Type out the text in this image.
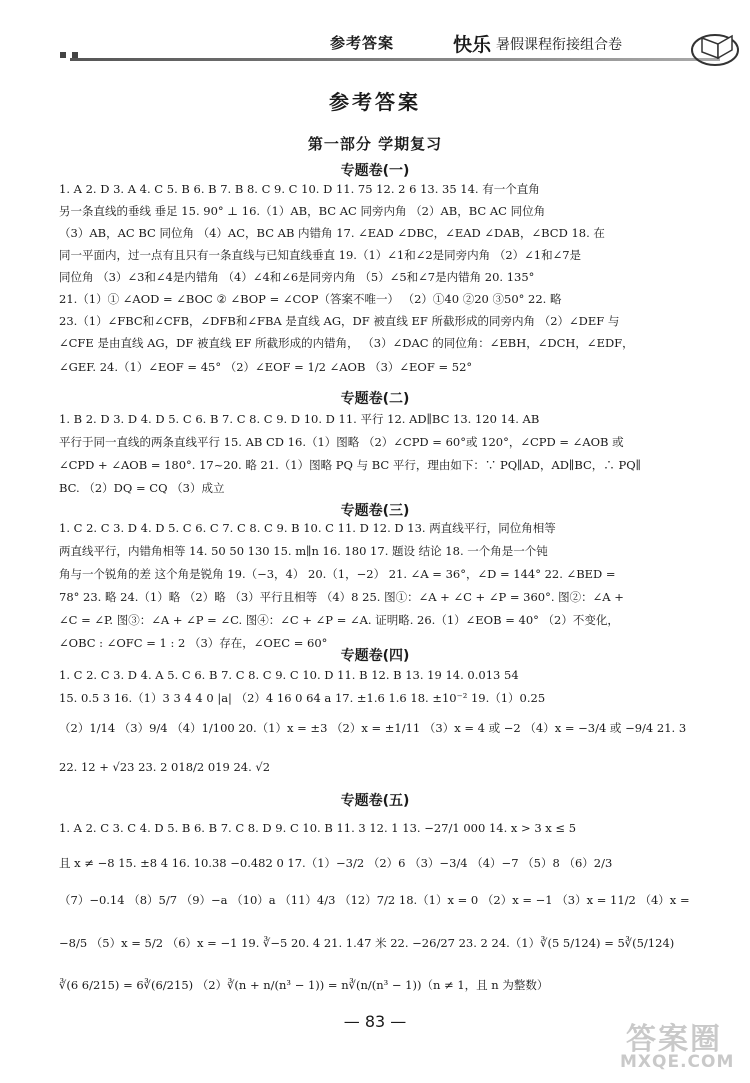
参考答案	快乐 暑假课程衔接组合卷
参考答案
第一部分 学期复习
专题卷(一)
1. A 2. D 3. A 4. C 5. B 6. B 7. B 8. C 9. C 10. D 11. 75 12. 2 6 13. 35 14. 有一个直角
另一条直线的垂线 垂足 15. 90° ⊥ 16.（1）AB，BC AC 同旁内角 （2）AB，BC AC 同位角
（3）AB，AC BC 同位角 （4）AC，BC AB 内错角 17. ∠EAD ∠DBC，∠EAD ∠DAB，∠BCD 18. 在
同一平面内，过一点有且只有一条直线与已知直线垂直 19.（1）∠1和∠2是同旁内角 （2）∠1和∠7是
同位角 （3）∠3和∠4是内错角 （4）∠4和∠6是同旁内角 （5）∠5和∠7是内错角 20. 135°
21.（1）① ∠AOD = ∠BOC ② ∠BOP = ∠COP（答案不唯一） （2）①40 ②20 ③50° 22. 略
23.（1）∠FBC和∠CFB，∠DFB和∠FBA 是直线 AG，DF 被直线 EF 所截形成的同旁内角 （2）∠DEF 与
∠CFE 是由直线 AG，DF 被直线 EF 所截形成的内错角， （3）∠DAC 的同位角：∠EBH，∠DCH，∠EDF，
∠GEF. 24.（1）∠EOF = 45° （2）∠EOF = 1/2 ∠AOB （3）∠EOF = 52°
专题卷(二)
1. B 2. D 3. D 4. D 5. C 6. B 7. C 8. C 9. D 10. D 11. 平行 12. AD∥BC 13. 120 14. AB
平行于同一直线的两条直线平行 15. AB CD 16.（1）图略 （2）∠CPD = 60°或 120°，∠CPD = ∠AOB 或
∠CPD + ∠AOB = 180°. 17~20. 略 21.（1）图略 PQ 与 BC 平行，理由如下：∵ PQ∥AD，AD∥BC，∴ PQ∥
BC. （2）DQ = CQ （3）成立
专题卷(三)
1. C 2. C 3. D 4. D 5. C 6. C 7. C 8. C 9. B 10. C 11. D 12. D 13. 两直线平行，同位角相等
两直线平行，内错角相等 14. 50 50 130 15. m∥n 16. 180 17. 题设 结论 18. 一个角是一个钝
角与一个锐角的差 这个角是锐角 19.（−3，4） 20.（1，−2） 21. ∠A = 36°，∠D = 144° 22. ∠BED =
78° 23. 略 24.（1）略 （2）略 （3）平行且相等 （4）8 25. 图①：∠A + ∠C + ∠P = 360°. 图②：∠A +
∠C = ∠P. 图③：∠A + ∠P = ∠C. 图④：∠C + ∠P = ∠A. 证明略. 26.（1）∠EOB = 40° （2）不变化，
∠OBC : ∠OFC = 1 : 2 （3）存在，∠OEC = 60°
专题卷(四)
1. C 2. C 3. D 4. A 5. C 6. B 7. C 8. C 9. C 10. D 11. B 12. B 13. 19 14. 0.013 54
15. 0.5 3 16.（1）3 3 4 4 0 |a| （2）4 16 0 64 a 17. ±1.6 1.6 18. ±10⁻² 19.（1）0.25
（2）1/14 （3）9/4 （4）1/100 20.（1）x = ±3 （2）x = ±1/11 （3）x = 4 或 −2 （4）x = −3/4 或 −9/4 21. 3
22. 12 + √23 23. 2 018/2 019 24. √2
专题卷(五)
1. A 2. C 3. C 4. D 5. B 6. B 7. C 8. D 9. C 10. B 11. 3 12. 1 13. −27/1 000 14. x > 3 x ≤ 5
且 x ≠ −8 15. ±8 4 16. 10.38 −0.482 0 17.（1）−3/2 （2）6 （3）−3/4 （4）−7 （5）8 （6）2/3
（7）−0.14 （8）5/7 （9）−a （10）a （11）4/3 （12）7/2 18.（1）x = 0 （2）x = −1 （3）x = 11/2 （4）x =
−8/5 （5）x = 5/2 （6）x = −1 19. ∛−5 20. 4 21. 1.47 米 22. −26/27 23. 2 24.（1）∛(5 5/124) = 5∛(5/124)
∛(6 6/215) = 6∛(6/215) （2）∛(n + n/(n³ − 1)) = n∛(n/(n³ − 1))（n ≠ 1，且 n 为整数）
— 83 —
答案圈
MXQE.COM
